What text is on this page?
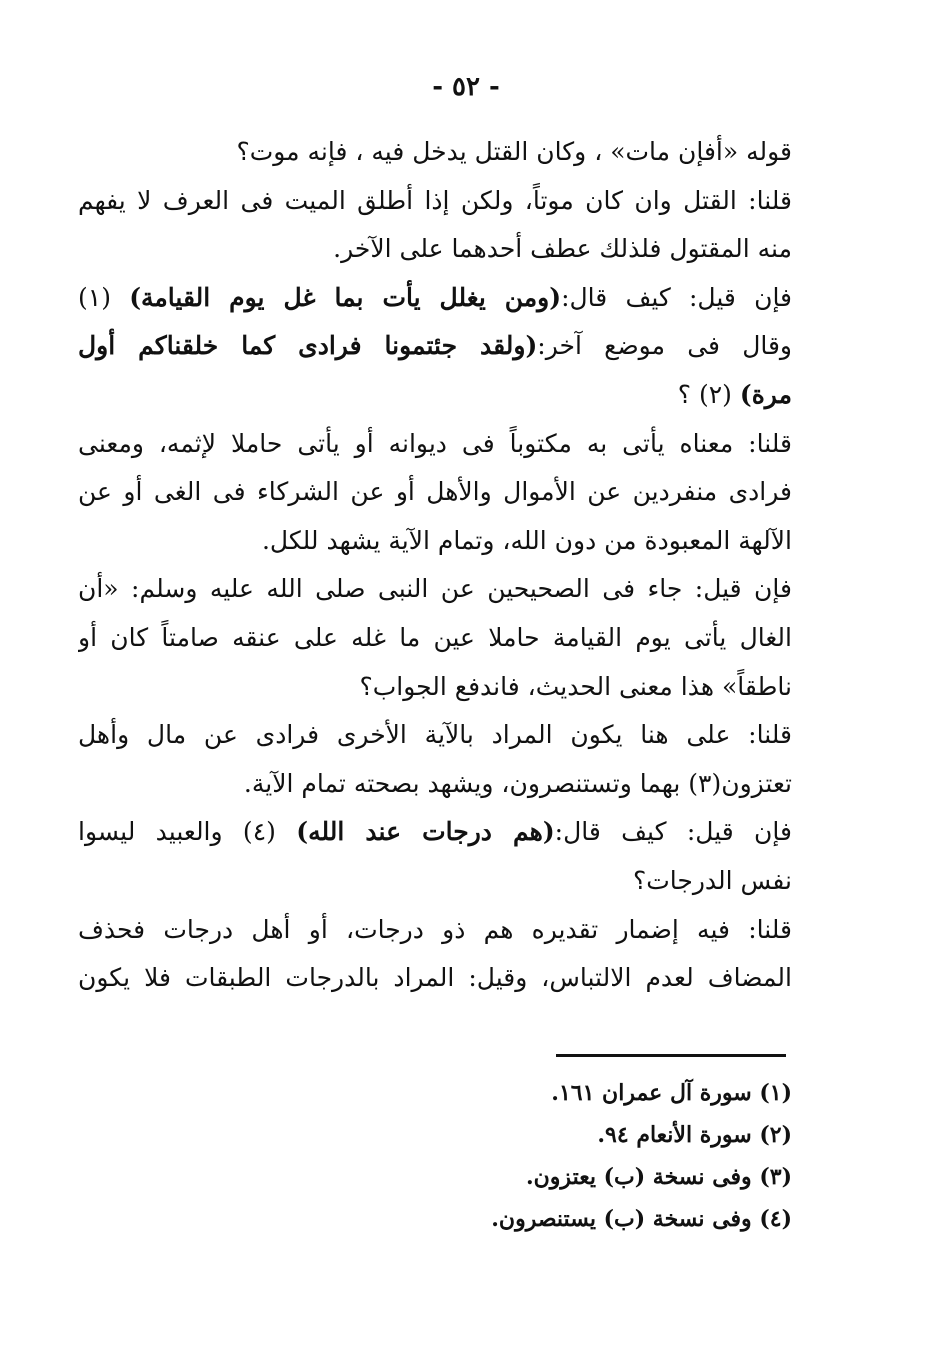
- ٥٢ -
قوله «أفإن مات» ، وكان القتل يدخل فيه ، فإنه موت؟
قلنا: القتل وان كان موتاً، ولكن إذا أطلق الميت فى العرف لا يفهم
منه المقتول فلذلك عطف أحدهما على الآخر.
فإن قيل: كيف قال:(ومن يغلل يأت بما غل يوم القيامة) (١)
وقال فى موضع آخر:(ولقد جئتمونا فرادى كما خلقناكم أول
مرة) (٢) ؟
قلنا: معناه يأتى به مكتوباً فى ديوانه أو يأتى حاملا لإثمه، ومعنى
فرادى منفردين عن الأموال والأهل أو عن الشركاء فى الغى أو عن
الآلهة المعبودة من دون الله، وتمام الآية يشهد للكل.
فإن قيل: جاء فى الصحيحين عن النبى صلى الله عليه وسلم: «أن
الغال يأتى يوم القيامة حاملا عين ما غله على عنقه صامتاً كان أو
ناطقاً» هذا معنى الحديث، فاندفع الجواب؟
قلنا: على هنا يكون المراد بالآية الأخرى فرادى عن مال وأهل
تعتزون(٣) بهما وتستنصرون، ويشهد بصحته تمام الآية.
فإن قيل: كيف قال:(هم درجات عند الله) (٤) والعبيد ليسوا
نفس الدرجات؟
قلنا: فيه إضمار تقديره هم ذو درجات، أو أهل درجات فحذف
المضاف لعدم الالتباس، وقيل: المراد بالدرجات الطبقات فلا يكون
(١) سورة آل عمران ١٦١.
(٢) سورة الأنعام ٩٤.
(٣) وفى نسخة (ب) يعتزون.
(٤) وفى نسخة (ب) يستنصرون.
